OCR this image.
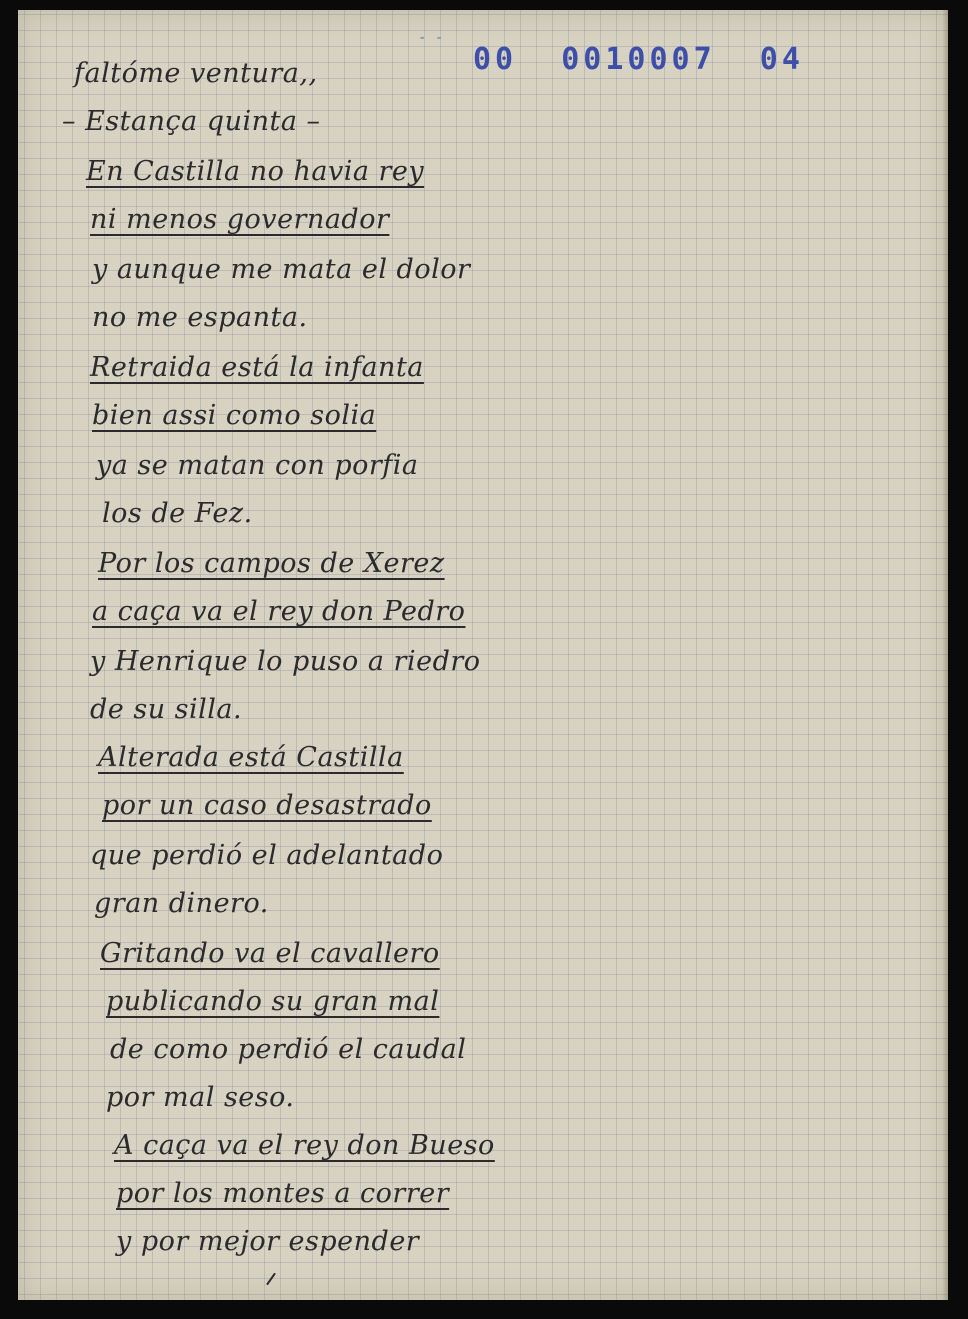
- -
00  0010007  04
faltóme ventura,,
– Estança quinta –
En Castilla no havia rey
ni menos governador
y aunque me mata el dolor
no me espanta.
Retraida está la infanta
bien assi como solia
ya se matan con porfia
los de Fez.
Por los campos de Xerez
a caça va el rey don Pedro
y Henrique lo puso a riedro
de su silla.
Alterada está Castilla
por un caso desastrado
que perdió el adelantado
gran dinero.
Gritando va el cavallero
publicando su gran mal
de como perdió el caudal
por mal seso.
A caça va el rey don Bueso
por los montes a correr
y por mejor espender
